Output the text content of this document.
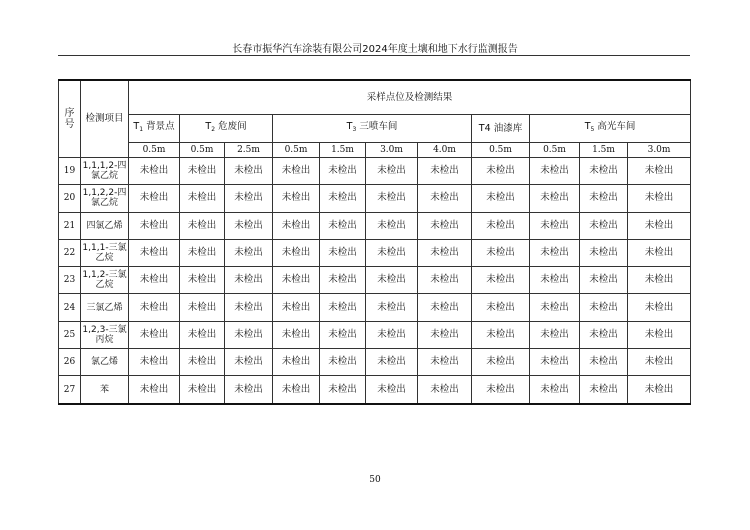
长春市振华汽车涂装有限公司2024年度土壤和地下水行监测报告
序号	检测项目	采样点位及检测结果										
		$T_1$ 背景点	$T_2$ 危废间		$T_3$ 三喷车间				T4 油漆库	$T_5$ 高光车间		
		0.5m	0.5m	2.5m	0.5m	1.5m	3.0m	4.0m	0.5m	0.5m	1.5m	3.0m
19	1,1,1,2-四氯乙烷	未检出	未检出	未检出	未检出	未检出	未检出	未检出	未检出	未检出	未检出	未检出
20	1,1,2,2-四氯乙烷	未检出	未检出	未检出	未检出	未检出	未检出	未检出	未检出	未检出	未检出	未检出
21	四氯乙烯	未检出	未检出	未检出	未检出	未检出	未检出	未检出	未检出	未检出	未检出	未检出
22	1,1,1-三氯乙烷	未检出	未检出	未检出	未检出	未检出	未检出	未检出	未检出	未检出	未检出	未检出
23	1,1,2-三氯乙烷	未检出	未检出	未检出	未检出	未检出	未检出	未检出	未检出	未检出	未检出	未检出
24	三氯乙烯	未检出	未检出	未检出	未检出	未检出	未检出	未检出	未检出	未检出	未检出	未检出
25	1,2,3-三氯丙烷	未检出	未检出	未检出	未检出	未检出	未检出	未检出	未检出	未检出	未检出	未检出
26	氯乙烯	未检出	未检出	未检出	未检出	未检出	未检出	未检出	未检出	未检出	未检出	未检出
27	苯	未检出	未检出	未检出	未检出	未检出	未检出	未检出	未检出	未检出	未检出	未检出
50
